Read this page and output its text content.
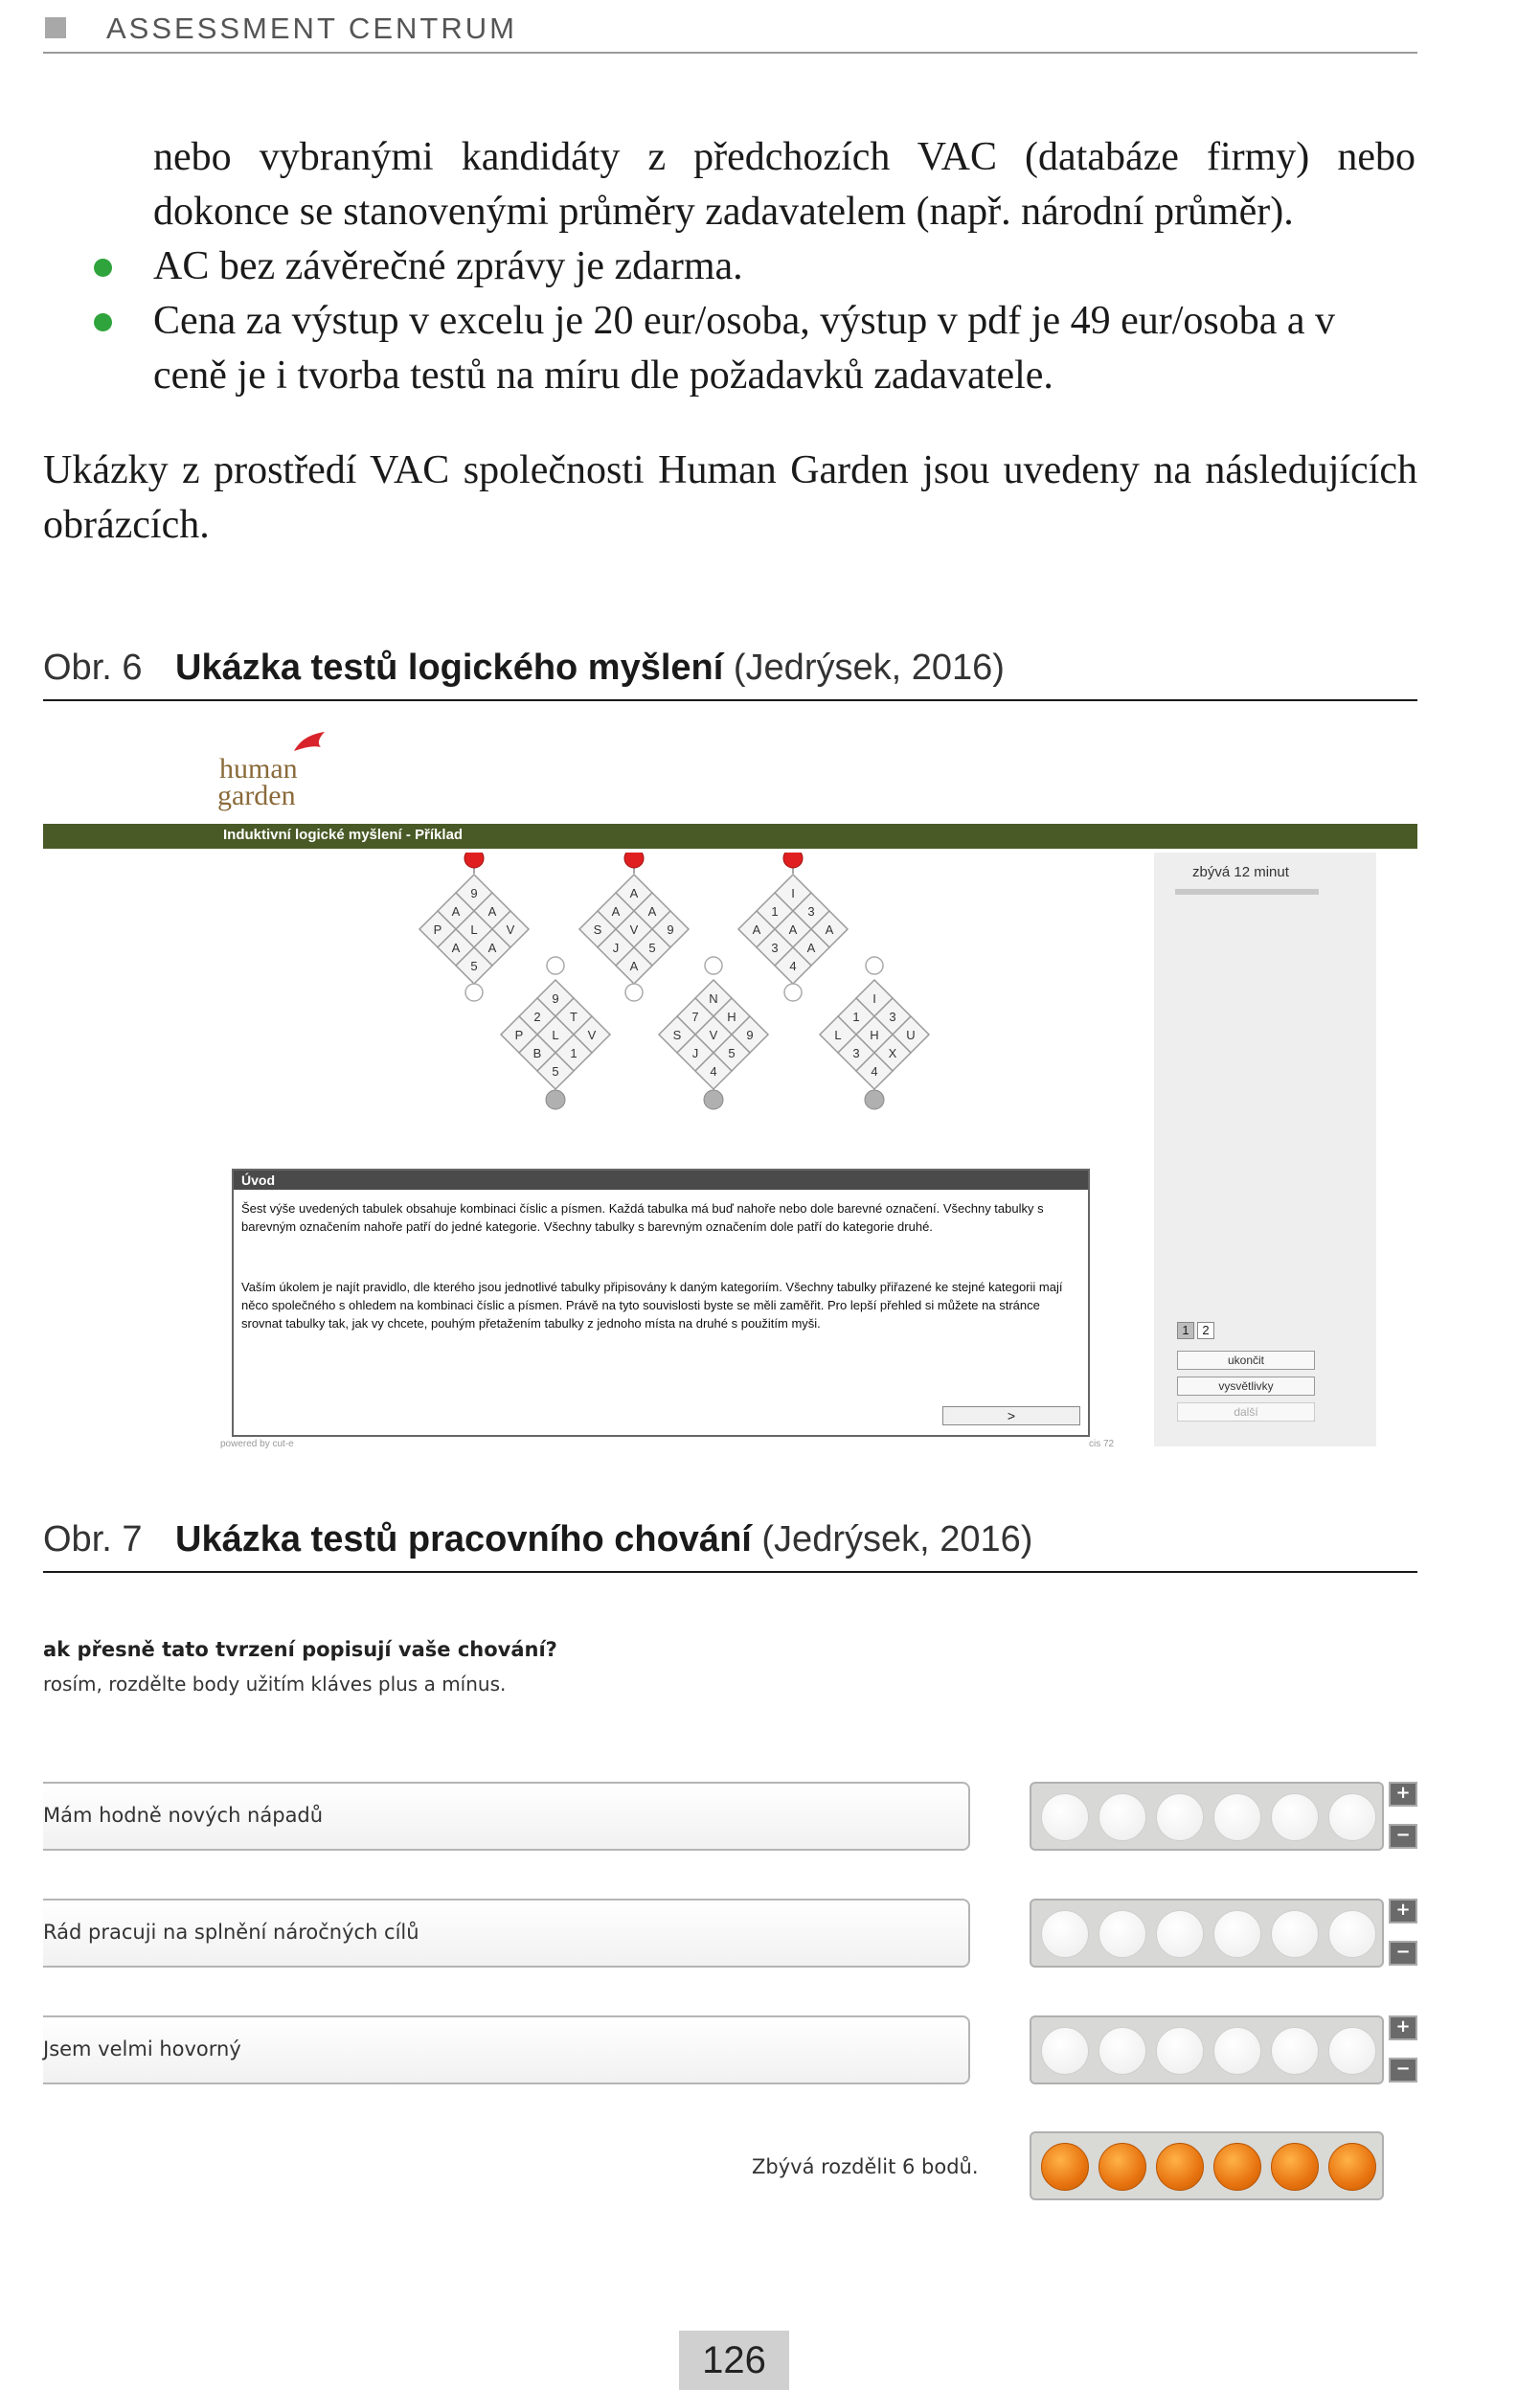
ASSESSMENT CENTRUM

nebo vybranými kandidáty z předchozích VAC (databáze firmy) nebo dokonce se stanovenými průměry zadavatelem (např. národní průměr).

AC bez závěrečné zprávy je zdarma.
Cena za výstup v excelu je 20 eur/osoba, výstup v pdf je 49 eur/osoba a v ceně je i tvorba testů na míru dle požadavků zadavatele.

Ukázky z prostředí VAC společnosti Human Garden jsou uvedeny na následujících obrázcích.

Obr. 6 Ukázka testů logického myšlení (Jedrýsek, 2016)
human
garden
Induktivní logické myšlení - Příklad
9
A
V
A
L
A
P
A
5
A
A
9
A
V
5
S
J
A
I
3
A
1
A
A
A
3
4
9
T
V
2
L
1
P
B
5
N
H
9
7
V
5
S
J
4
I
3
U
1
H
X
L
3
4
zbývá 12 minut
1 2
ukončit
vysvětlivky
další
Úvod
Šest výše uvedených tabulek obsahuje kombinaci číslic a písmen. Každá tabulka má buď nahoře nebo dole barevné označení. Všechny tabulky s barevným označením nahoře patří do jedné kategorie. Všechny tabulky s barevným označením dole patří do kategorie druhé.
Vaším úkolem je najít pravidlo, dle kterého jsou jednotlivé tabulky připisovány k daným kategoriím. Všechny tabulky přiřazené ke stejné kategorii mají něco společného s ohledem na kombinaci číslic a písmen. Právě na tyto souvislosti byste se měli zaměřit. Pro lepší přehled si můžete na stránce srovnat tabulky tak, jak vy chcete, pouhým přetažením tabulky z jednoho místa na druhé s použitím myši.
>
powered by cut-e	cis 72
Obr. 7 Ukázka testů pracovního chování (Jedrýsek, 2016)
ak přesně tato tvrzení popisují vaše chování?
rosím, rozdělte body užitím kláves plus a mínus.
Mám hodně nových nápadů
+
−
Rád pracuji na splnění náročných cílů
+
−
Jsem velmi hovorný
+
−
Zbývá rozdělit 6 bodů.
126
